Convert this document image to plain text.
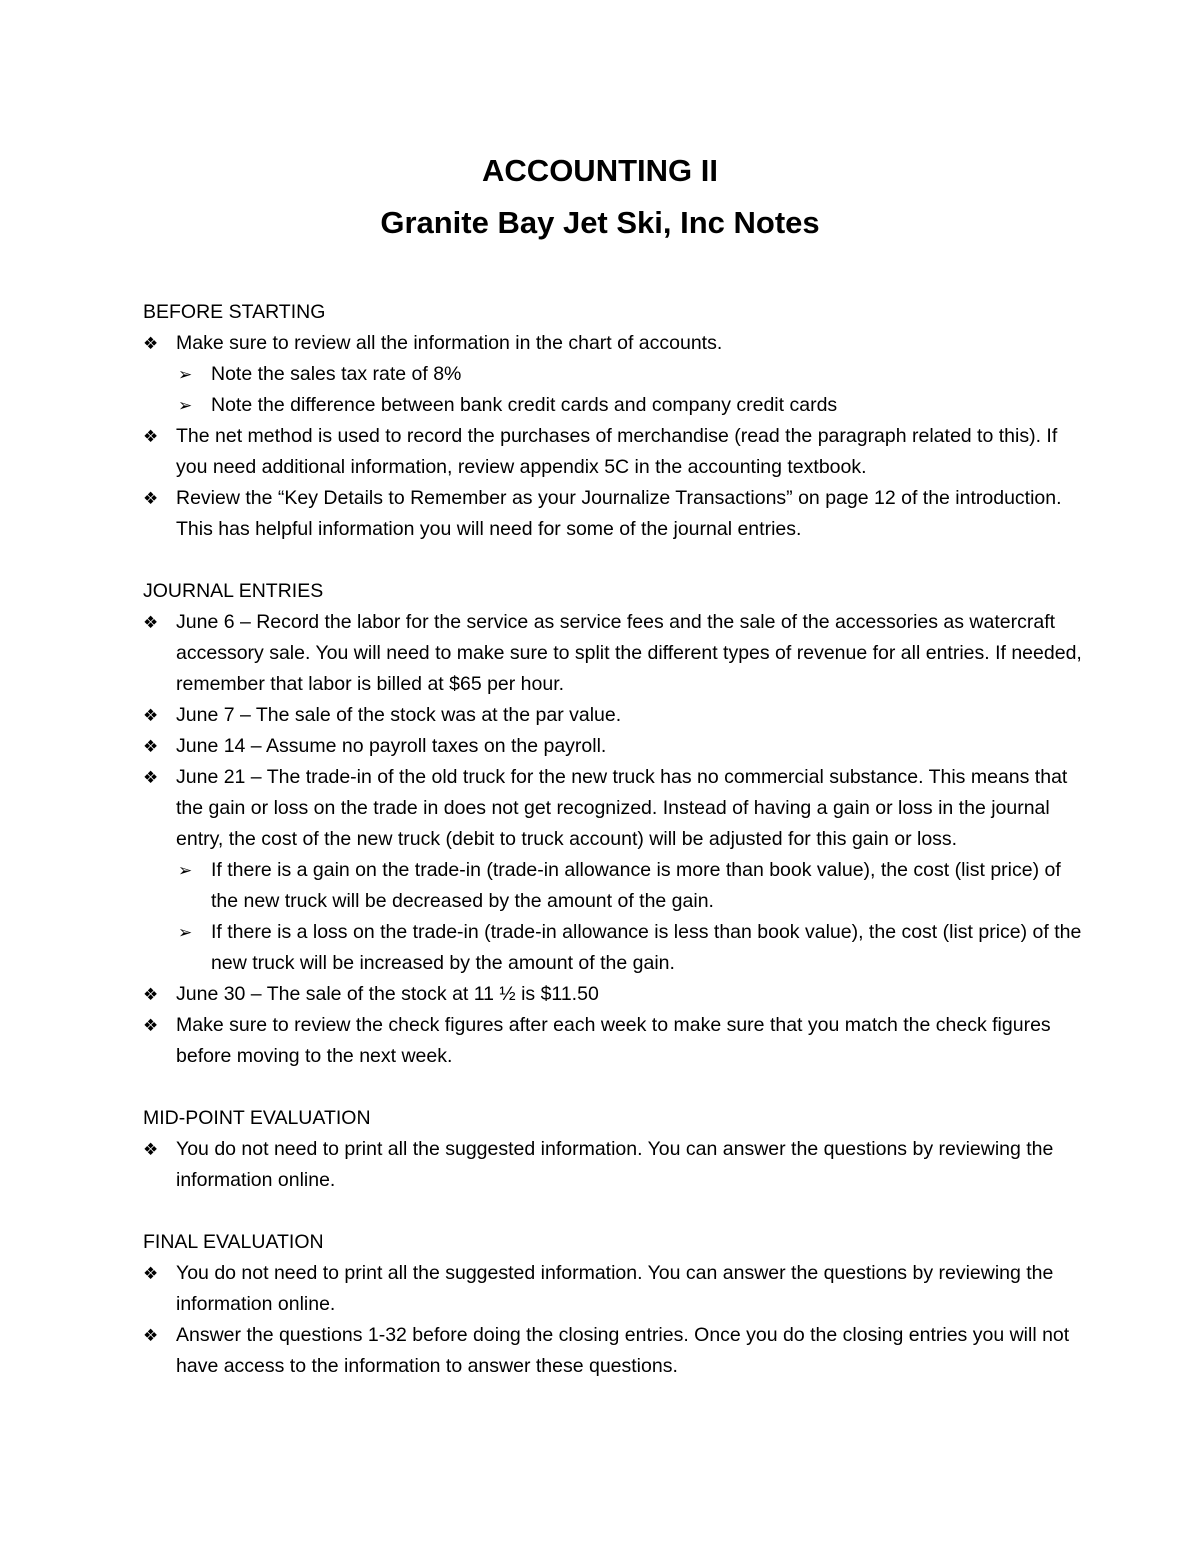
ACCOUNTING II
Granite Bay Jet Ski, Inc Notes
BEFORE STARTING
❖ Make sure to review all the information in the chart of accounts.
➢ Note the sales tax rate of 8%
➢ Note the difference between bank credit cards and company credit cards
❖ The net method is used to record the purchases of merchandise (read the paragraph related to this). If you need additional information, review appendix 5C in the accounting textbook.
❖ Review the “Key Details to Remember as your Journalize Transactions” on page 12 of the introduction. This has helpful information you will need for some of the journal entries.
JOURNAL ENTRIES
❖ June 6 – Record the labor for the service as service fees and the sale of the accessories as watercraft accessory sale. You will need to make sure to split the different types of revenue for all entries. If needed, remember that labor is billed at $65 per hour.
❖ June 7 – The sale of the stock was at the par value.
❖ June 14 – Assume no payroll taxes on the payroll.
❖ June 21 – The trade-in of the old truck for the new truck has no commercial substance. This means that the gain or loss on the trade in does not get recognized. Instead of having a gain or loss in the journal entry, the cost of the new truck (debit to truck account) will be adjusted for this gain or loss.
➢ If there is a gain on the trade-in (trade-in allowance is more than book value), the cost (list price) of the new truck will be decreased by the amount of the gain.
➢ If there is a loss on the trade-in (trade-in allowance is less than book value), the cost (list price) of the new truck will be increased by the amount of the gain.
❖ June 30 – The sale of the stock at 11 ½ is $11.50
❖ Make sure to review the check figures after each week to make sure that you match the check figures before moving to the next week.
MID-POINT EVALUATION
❖ You do not need to print all the suggested information. You can answer the questions by reviewing the information online.
FINAL EVALUATION
❖ You do not need to print all the suggested information. You can answer the questions by reviewing the information online.
❖ Answer the questions 1-32 before doing the closing entries. Once you do the closing entries you will not have access to the information to answer these questions.
